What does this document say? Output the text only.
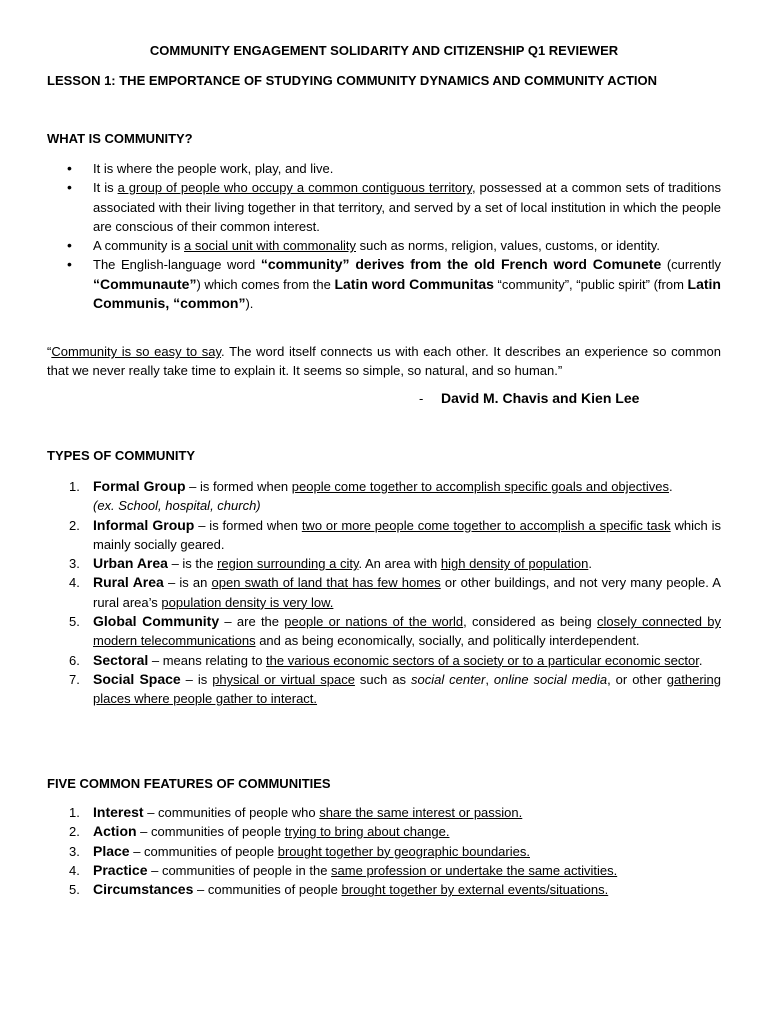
COMMUNITY ENGAGEMENT SOLIDARITY AND CITIZENSHIP Q1 REVIEWER
LESSON 1: THE EMPORTANCE OF STUDYING COMMUNITY DYNAMICS AND COMMUNITY ACTION
WHAT IS COMMUNITY?
• It is where the people work, play, and live.
• It is a group of people who occupy a common contiguous territory, possessed at a common sets of traditions associated with their living together in that territory, and served by a set of local institution in which the people are conscious of their common interest.
• A community is a social unit with commonality such as norms, religion, values, customs, or identity.
• The English-language word “community” derives from the old French word Comunete (currently “Communaute”) which comes from the Latin word Communitas “community”, “public spirit” (from Latin Communis, “common”).
“Community is so easy to say. The word itself connects us with each other. It describes an experience so common that we never really take time to explain it. It seems so simple, so natural, and so human.”
- David M. Chavis and Kien Lee
TYPES OF COMMUNITY
1. Formal Group – is formed when people come together to accomplish specific goals and objectives.
(ex. School, hospital, church)
2. Informal Group – is formed when two or more people come together to accomplish a specific task which is mainly socially geared.
3. Urban Area – is the region surrounding a city. An area with high density of population.
4. Rural Area – is an open swath of land that has few homes or other buildings, and not very many people. A rural area’s population density is very low.
5. Global Community – are the people or nations of the world, considered as being closely connected by modern telecommunications and as being economically, socially, and politically interdependent.
6. Sectoral – means relating to the various economic sectors of a society or to a particular economic sector.
7. Social Space – is physical or virtual space such as social center, online social media, or other gathering places where people gather to interact.
FIVE COMMON FEATURES OF COMMUNITIES
1. Interest – communities of people who share the same interest or passion.
2. Action – communities of people trying to bring about change.
3. Place – communities of people brought together by geographic boundaries.
4. Practice – communities of people in the same profession or undertake the same activities.
5. Circumstances – communities of people brought together by external events/situations.
